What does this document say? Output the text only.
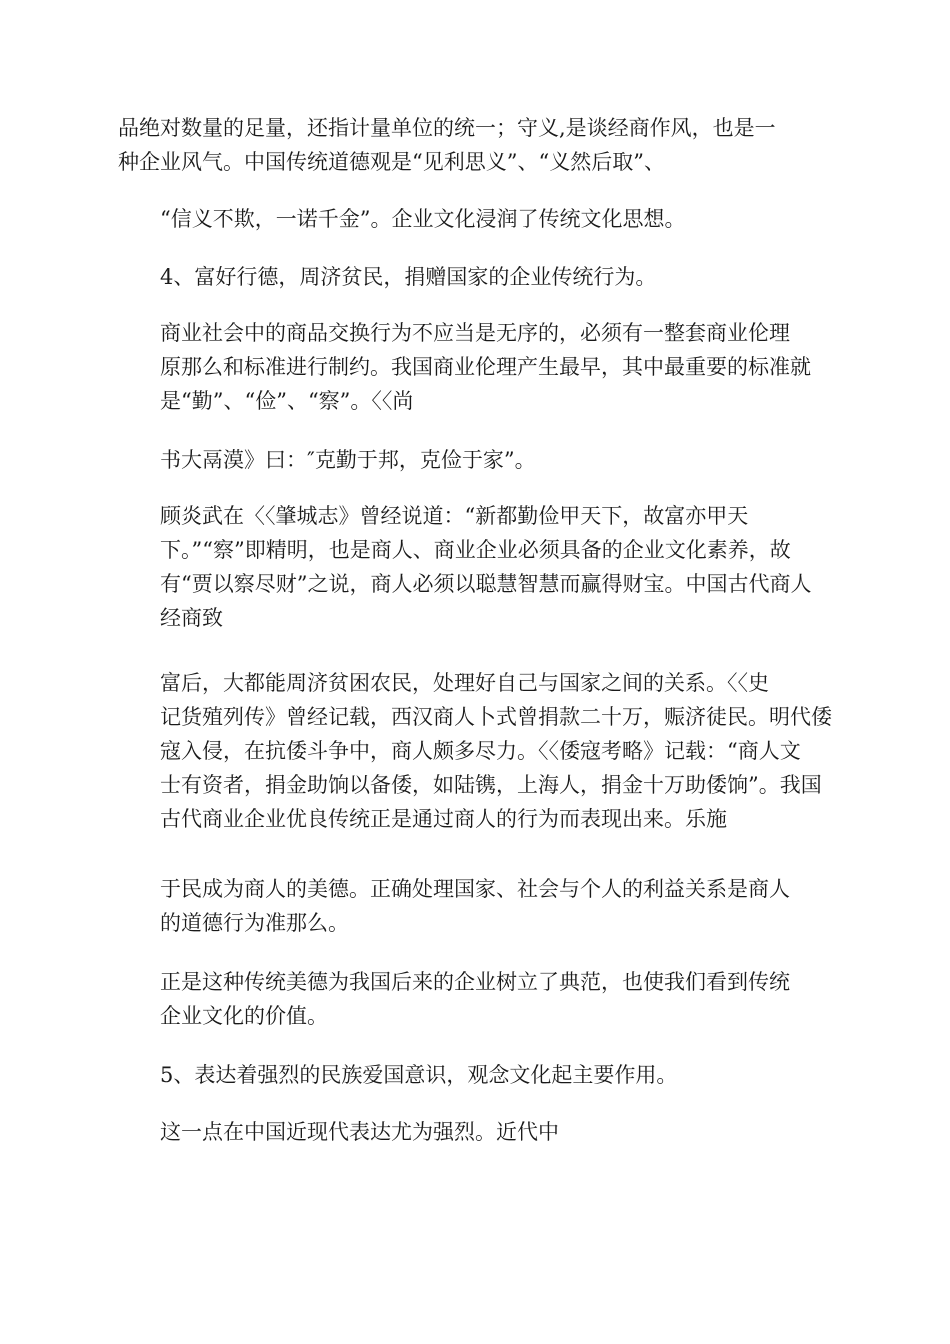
品绝对数量的足量，还指计量单位的统一；守义,是谈经商作风，也是一
种企业风气。中国传统道德观是“见利思义”、“义然后取”、

“信义不欺，一诺千金”。企业文化浸润了传统文化思想。

4、富好行德，周济贫民，捐赠国家的企业传统行为。

商业社会中的商品交换行为不应当是无序的，必须有一整套商业伦理
原那么和标准进行制约。我国商业伦理产生最早，其中最重要的标准就
是“勤”、“俭”、“察”。〈〈尚

书大鬲漠》曰：″克勤于邦，克俭于家”。

顾炎武在〈〈肇城志》曾经说道：“新都勤俭甲天下，故富亦甲天
下。”“察”即精明，也是商人、商业企业必须具备的企业文化素养，故
有“贾以察尽财”之说，商人必须以聪慧智慧而赢得财宝。中国古代商人
经商致

富后，大都能周济贫困农民，处理好自己与国家之间的关系。〈〈史
记货殖列传》曾经记载，西汉商人卜式曾捐款二十万，赈济徒民。明代倭
寇入侵，在抗倭斗争中，商人颇多尽力。〈〈倭寇考略》记载：“商人文
士有资者，捐金助饷以备倭，如陆镌，上海人，捐金十万助倭饷”。我国
古代商业企业优良传统正是通过商人的行为而表现出来。乐施

于民成为商人的美德。正确处理国家、社会与个人的利益关系是商人
的道德行为准那么。

正是这种传统美德为我国后来的企业树立了典范，也使我们看到传统
企业文化的价值。

5、表达着强烈的民族爱国意识，观念文化起主要作用。

这一点在中国近现代表达尤为强烈。近代中
